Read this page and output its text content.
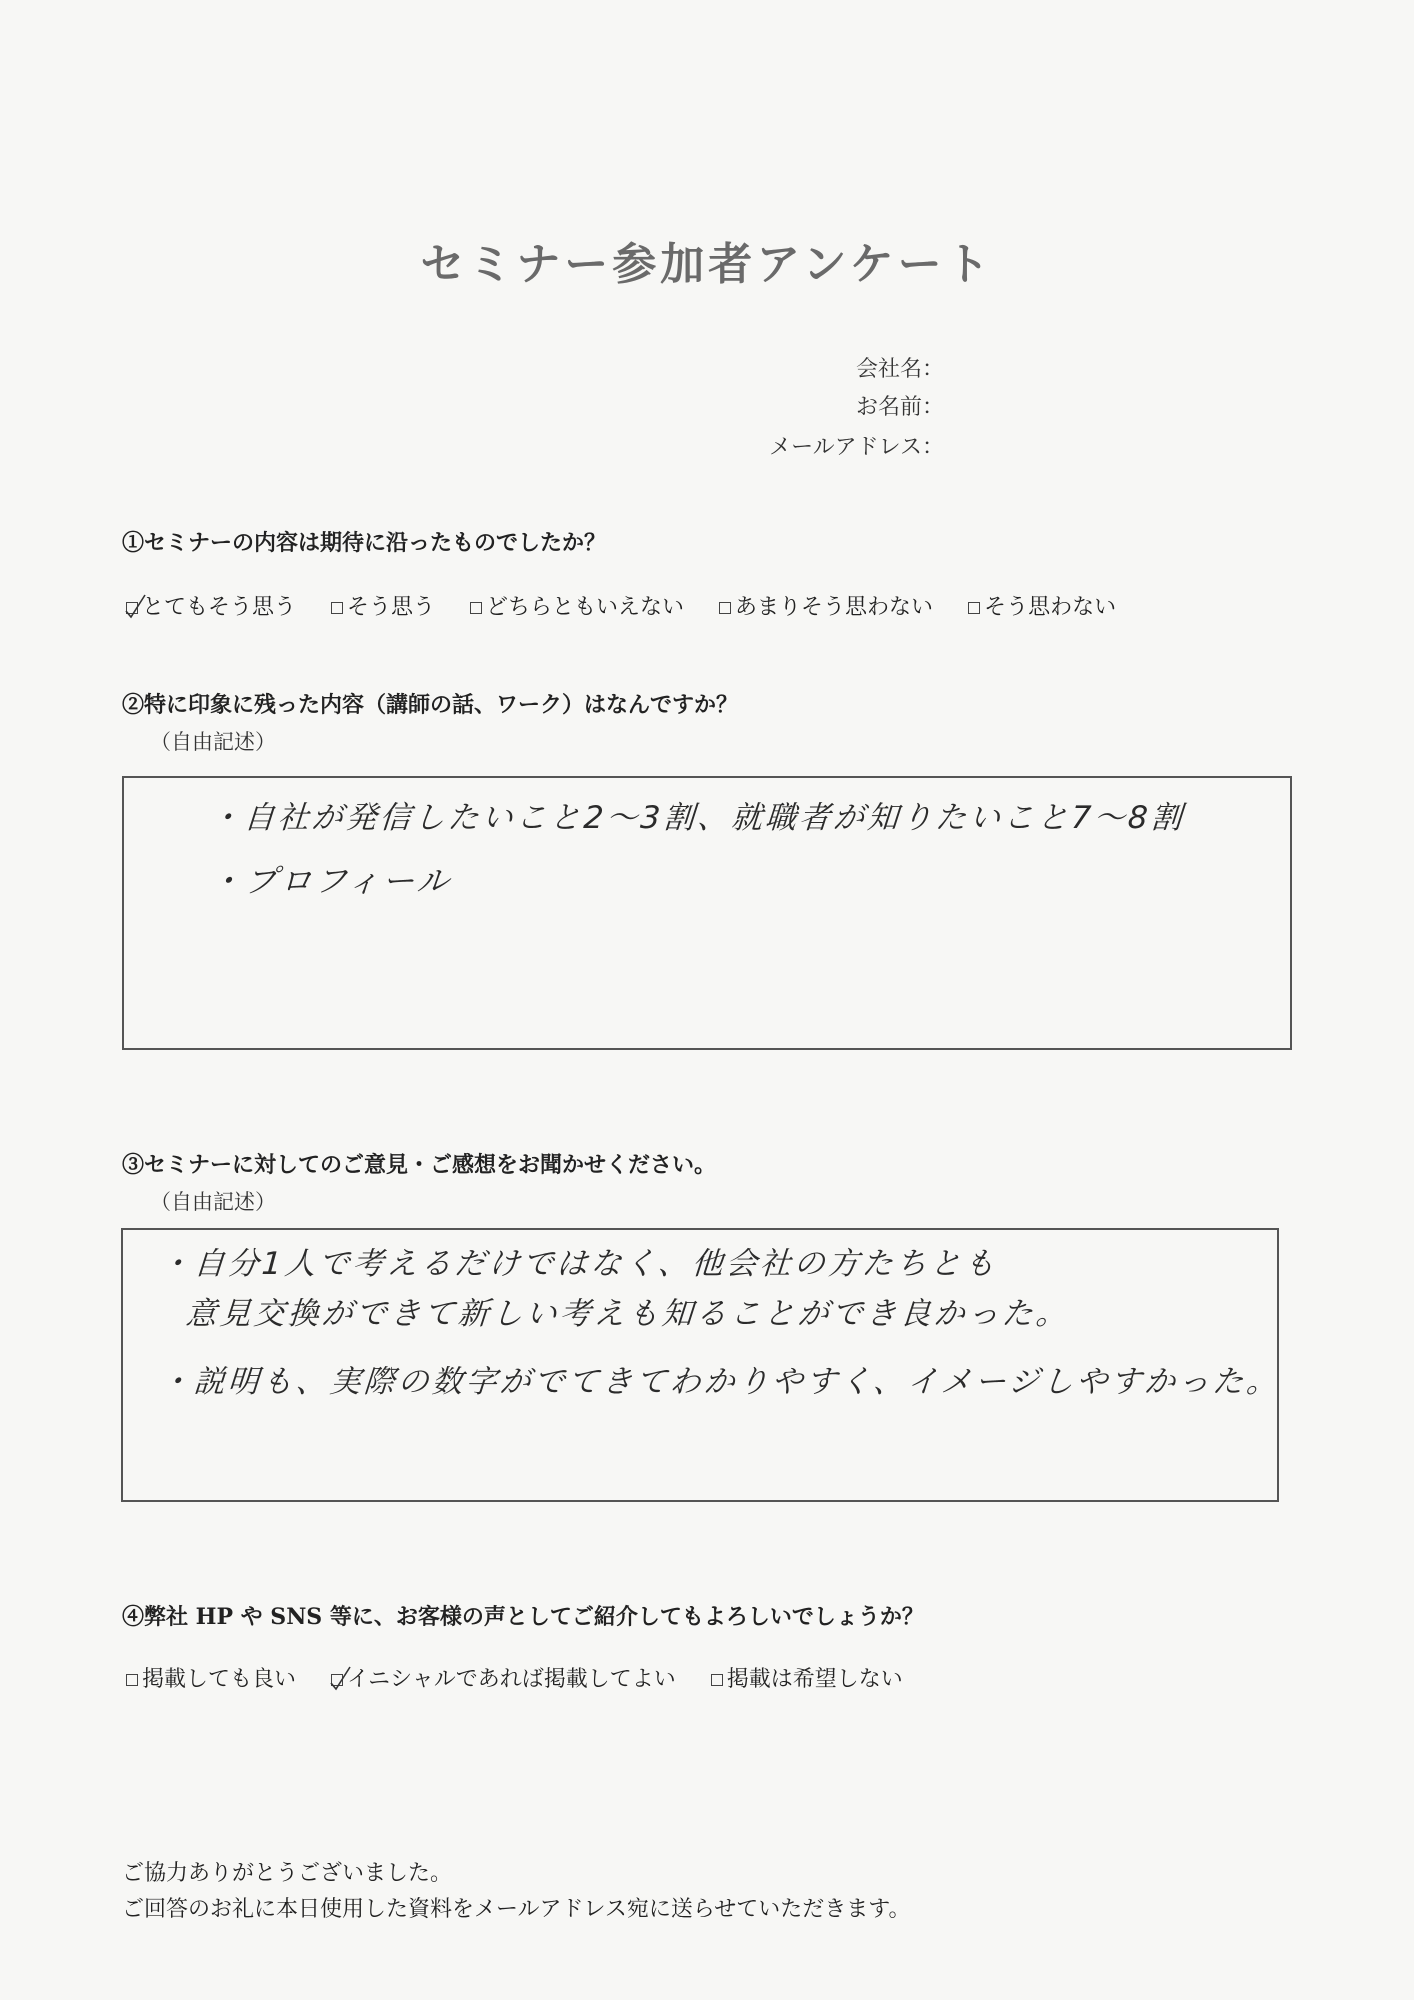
セミナー参加者アンケート
会社名：
お名前：
メールアドレス：
①セミナーの内容は期待に沿ったものでしたか？
とてもそう思う
そう思う
どちらともいえない
あまりそう思わない
そう思わない
②特に印象に残った内容（講師の話、ワーク）はなんですか？
（自由記述）
・自社が発信したいこと2〜3割、就職者が知りたいこと7〜8割
・プロフィール
③セミナーに対してのご意見・ご感想をお聞かせください。
（自由記述）
・自分1人で考えるだけではなく、他会社の方たちとも
意見交換ができて新しい考えも知ることができ良かった。
・説明も、実際の数字がでてきてわかりやすく、イメージしやすかった。
④弊社 HP や SNS 等に、お客様の声としてご紹介してもよろしいでしょうか？
掲載しても良い
イニシャルであれば掲載してよい
掲載は希望しない
ご協力ありがとうございました。
ご回答のお礼に本日使用した資料をメールアドレス宛に送らせていただきます。
